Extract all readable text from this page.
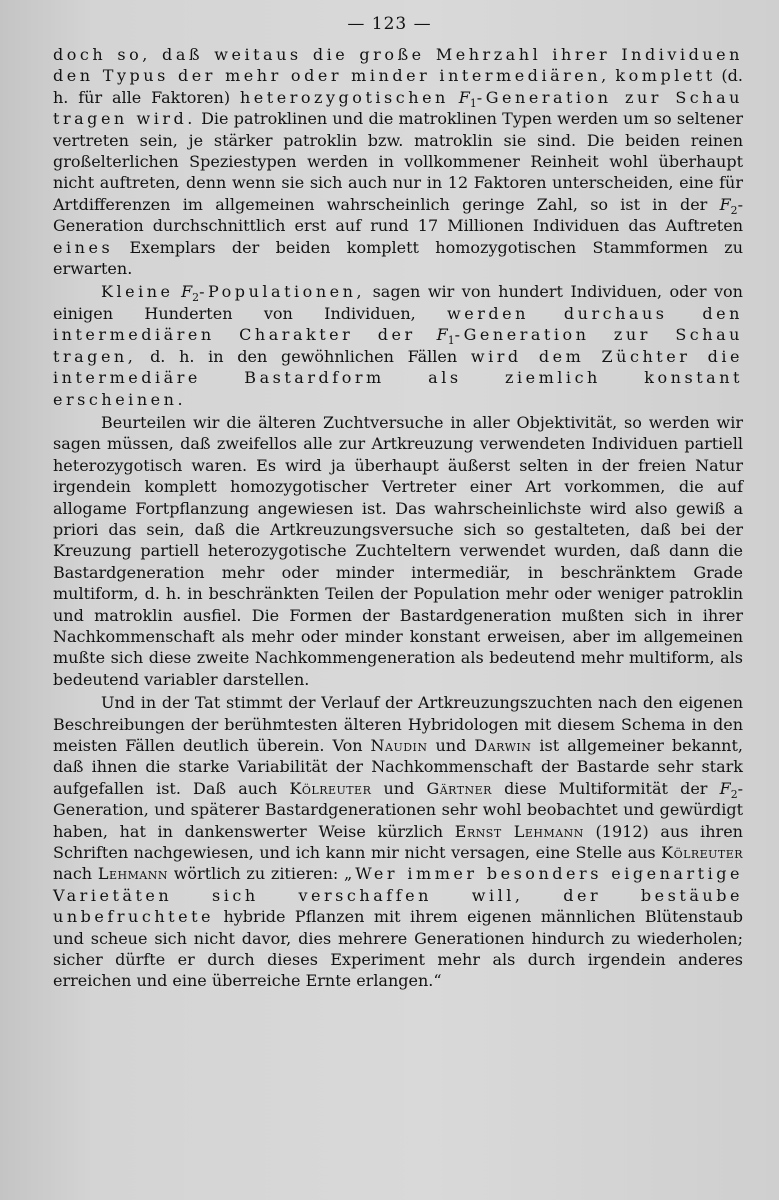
— 123 —

doch so, daß weitaus die große Mehrzahl ihrer Individuen den Typus der mehr oder minder intermediären, komplett (d. h. für alle Faktoren) heterozygotischen $F_1$-Generation zur Schau tragen wird. Die patroklinen und die matroklinen Typen werden um so seltener vertreten sein, je stärker patroklin bzw. matroklin sie sind. Die beiden reinen großelterlichen Speziestypen werden in vollkommener Reinheit wohl überhaupt nicht auftreten, denn wenn sie sich auch nur in 12 Faktoren unterscheiden, eine für Artdifferenzen im allgemeinen wahrscheinlich geringe Zahl, so ist in der $F_2$-Generation durchschnittlich erst auf rund 17 Millionen Individuen das Auftreten eines Exemplars der beiden komplett homozygotischen Stammformen zu erwarten.

Kleine $F_2$-Populationen, sagen wir von hundert Individuen, oder von einigen Hunderten von Individuen, werden durchaus den intermediären Charakter der $F_1$-Generation zur Schau tragen, d. h. in den gewöhnlichen Fällen wird dem Züchter die intermediäre Bastardform als ziemlich konstant erscheinen.

Beurteilen wir die älteren Zuchtversuche in aller Objektivität, so werden wir sagen müssen, daß zweifellos alle zur Artkreuzung verwendeten Individuen partiell heterozygotisch waren. Es wird ja überhaupt äußerst selten in der freien Natur irgendein komplett homozygotischer Vertreter einer Art vorkommen, die auf allogame Fortpflanzung angewiesen ist. Das wahrscheinlichste wird also gewiß a priori das sein, daß die Artkreuzungsversuche sich so gestalteten, daß bei der Kreuzung partiell heterozygotische Zuchteltern verwendet wurden, daß dann die Bastardgeneration mehr oder minder intermediär, in beschränktem Grade multiform, d. h. in beschränkten Teilen der Population mehr oder weniger patroklin und matroklin ausfiel. Die Formen der Bastardgeneration mußten sich in ihrer Nachkommenschaft als mehr oder minder konstant erweisen, aber im allgemeinen mußte sich diese zweite Nachkommengeneration als bedeutend mehr multiform, als bedeutend variabler darstellen.

Und in der Tat stimmt der Verlauf der Artkreuzungszuchten nach den eigenen Beschreibungen der berühmtesten älteren Hybridologen mit diesem Schema in den meisten Fällen deutlich überein. Von Naudin und Darwin ist allgemeiner bekannt, daß ihnen die starke Variabilität der Nachkommenschaft der Bastarde sehr stark aufgefallen ist. Daß auch Kölreuter und Gärtner diese Multiformität der $F_2$-Generation, und späterer Bastardgenerationen sehr wohl beobachtet und gewürdigt haben, hat in dankenswerter Weise kürzlich Ernst Lehmann (1912) aus ihren Schriften nachgewiesen, und ich kann mir nicht versagen, eine Stelle aus Kölreuter nach Lehmann wörtlich zu zitieren: „Wer immer besonders eigenartige Varietäten sich verschaffen will, der bestäube unbefruchtete hybride Pflanzen mit ihrem eigenen männlichen Blütenstaub und scheue sich nicht davor, dies mehrere Generationen hindurch zu wiederholen; sicher dürfte er durch dieses Experiment mehr als durch irgendein anderes erreichen und eine überreiche Ernte erlangen.“
